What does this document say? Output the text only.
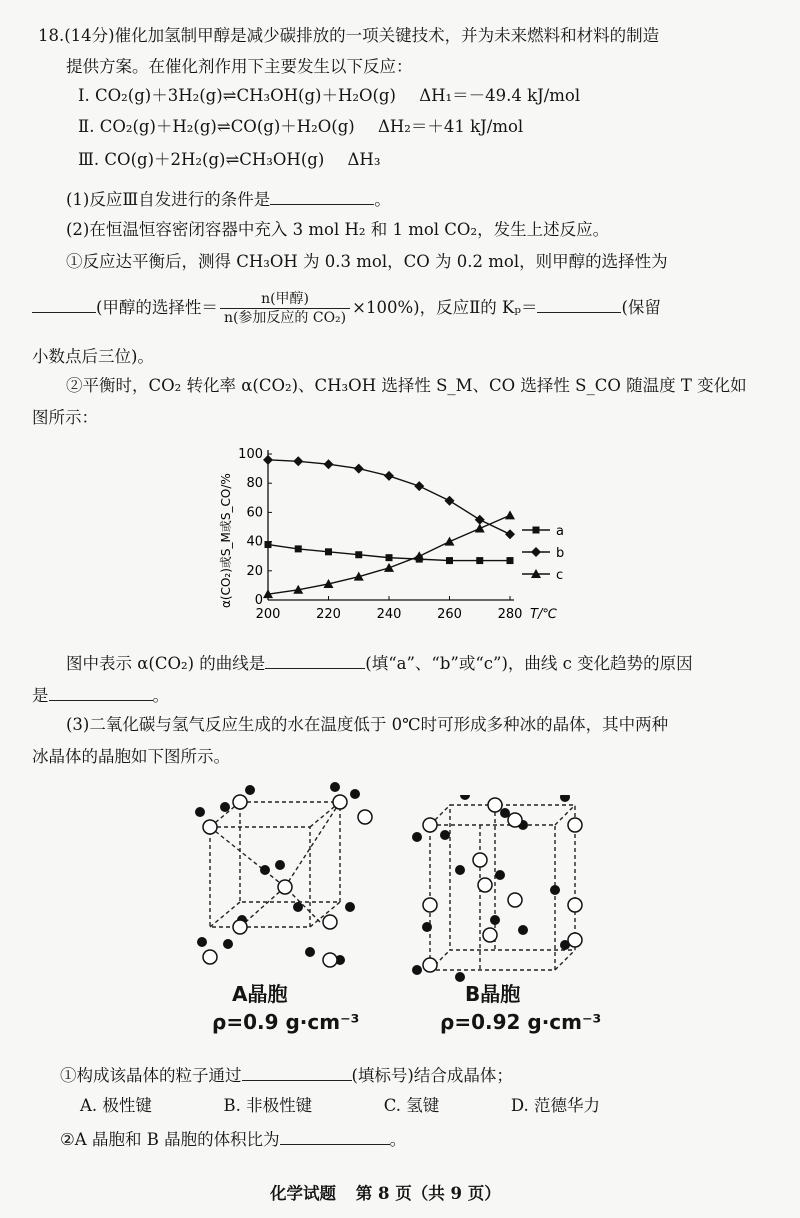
18.(14分)催化加氢制甲醇是减少碳排放的一项关键技术，并为未来燃料和材料的制造
提供方案。在催化剂作用下主要发生以下反应：
Ⅰ. CO₂(g)＋3H₂(g)⇌CH₃OH(g)＋H₂O(g) ΔH₁＝－49.4 kJ/mol
Ⅱ. CO₂(g)＋H₂(g)⇌CO(g)＋H₂O(g) ΔH₂＝＋41 kJ/mol
Ⅲ. CO(g)＋2H₂(g)⇌CH₃OH(g) ΔH₃
(1)反应Ⅲ自发进行的条件是	。
(2)在恒温恒容密闭容器中充入 3 mol H₂ 和 1 mol CO₂，发生上述反应。
①反应达平衡后，测得 CH₃OH 为 0.3 mol，CO 为 0.2 mol，则甲醇的选择性为
(甲醇的选择性＝ $\frac{\text{n(甲醇)}}{\text{n(参加反应的 CO₂)}} \times 100\%$)，反应Ⅱ的 Kₚ＝	(保留
小数点后三位)。
②平衡时，CO₂ 转化率 α(CO₂)、CH₃OH 选择性 S_M、CO 选择性 S_CO 随温度 T 变化如
图所示：
200	220	240	260	280
0
20
40
60
80
100
T/℃
α(CO₂)或S_M或S_CO/%	a
b
c
图中表示 α(CO₂) 的曲线是	(填“a”、“b”或“c”)，曲线 c 变化趋势的原因
是	。
(3)二氧化碳与氢气反应生成的水在温度低于 0℃时可形成多种冰的晶体，其中两种
冰晶体的晶胞如下图所示。
A晶胞
ρ=0.9 g·cm⁻³
B晶胞
ρ=0.92 g·cm⁻³
①构成该晶体的粒子通过	(填标号)结合成晶体；
A. 极性键	B. 非极性键	C. 氢键	D. 范德华力
②A 晶胞和 B 晶胞的体积比为	。
化学试题 第 8 页（共 9 页）
